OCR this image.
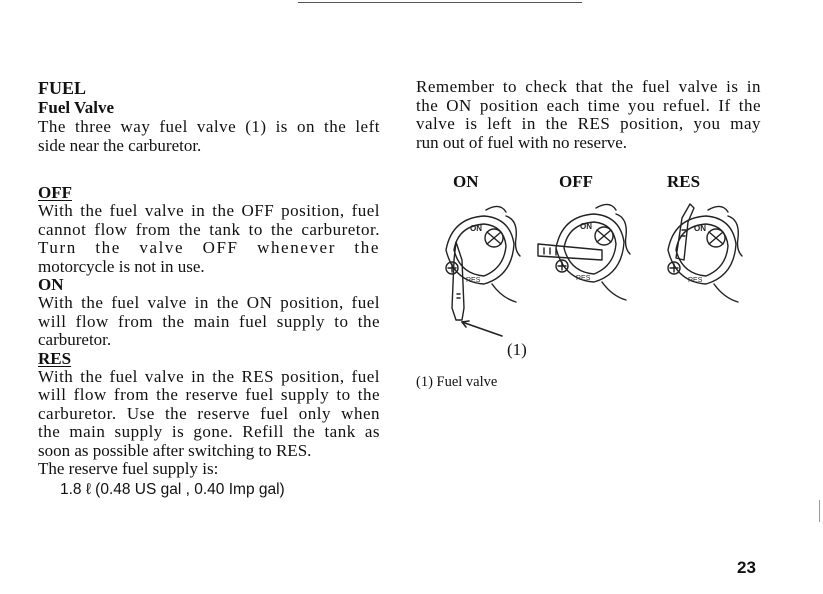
FUEL
Fuel Valve
The three way fuel valve (1) is on the left
side near the carburetor.
OFF
With the fuel valve in the OFF position, fuel
cannot flow from the tank to the carburetor.
Turn the valve OFF whenever the
motorcycle is not in use.
ON
With the fuel valve in the ON position, fuel
will flow from the main fuel supply to the
carburetor.
RES
With the fuel valve in the RES position, fuel
will flow from the reserve fuel supply to the
carburetor. Use the reserve fuel only when
the main supply is gone. Refill the tank as
soon as possible after switching to RES.
The reserve fuel supply is:
1.8 ℓ (0.48 US gal , 0.40 Imp gal)
Remember to check that the fuel valve is in
the ON position each time you refuel. If the
valve is left in the RES position, you may
run out of fuel with no reserve.
ON	OFF	RES
ON
RES
ON
RES
ON
RES
(1)
(1) Fuel valve
23
